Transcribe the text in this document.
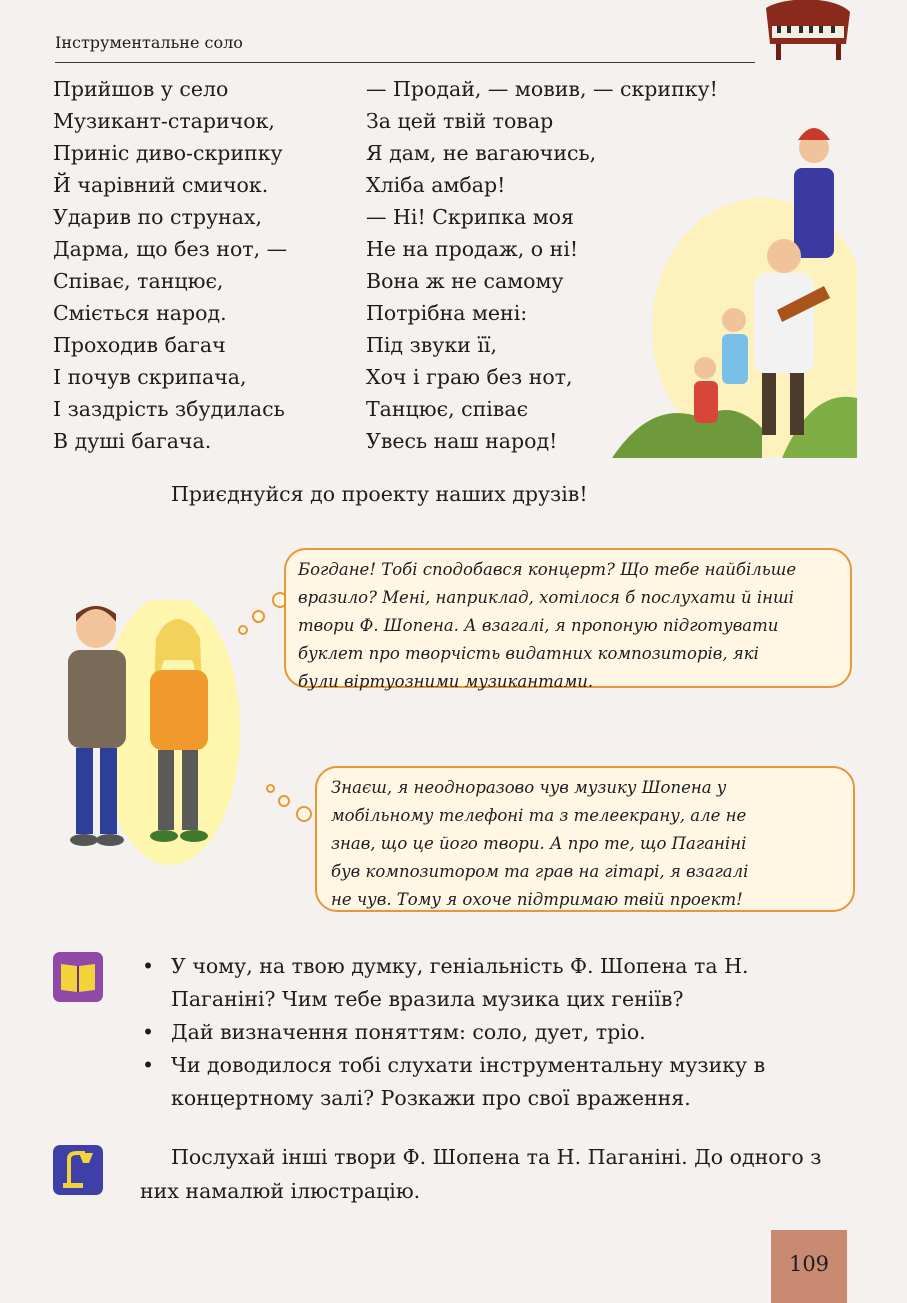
Інструментальне соло
Прийшов у село
Музикант-старичок,
Приніс диво-скрипку
Й чарівний смичок.
Ударив по струнах,
Дарма, що без нот, —
Співає, танцює,
Сміється народ.
Проходив багач
І почув скрипача,
І заздрість збудилась
В душі багача.
— Продай, — мовив, — скрипку!
За цей твій товар
Я дам, не вагаючись,
Хліба амбар!
— Ні! Скрипка моя
Не на продаж, о ні!
Вона ж не самому
Потрібна мені:
Під звуки її,
Хоч і граю без нот,
Танцює, співає
Увесь наш народ!
Приєднуйся до проекту наших друзів!

Богдане! Тобі сподобався концерт? Що тебе найбільше

вразило? Мені, наприклад, хотілося б послухати й інші

твори Ф. Шопена. А взагалі, я пропоную підготувати

буклет про творчість видатних композиторів, які

були віртуозними музикантами.

Знаєш, я неодноразово чув музику Шопена у

мобільному телефоні та з телеекрану, але не

знав, що це його твори. А про те, що Паганіні

був композитором та грав на гітарі, я взагалі

не чув. Тому я охоче підтримаю твій проект!

• У чому, на твою думку, геніальність Ф. Шопена та Н. Паганіні? Чим тебе вразила музика цих геніїв?
• Дай визначення поняттям: соло, дует, тріо.
• Чи доводилося тобі слухати інструментальну музику в концертному залі? Розкажи про свої враження.

Послухай інші твори Ф. Шопена та Н. Паганіні. До одного з них намалюй ілюстрацію.

109
